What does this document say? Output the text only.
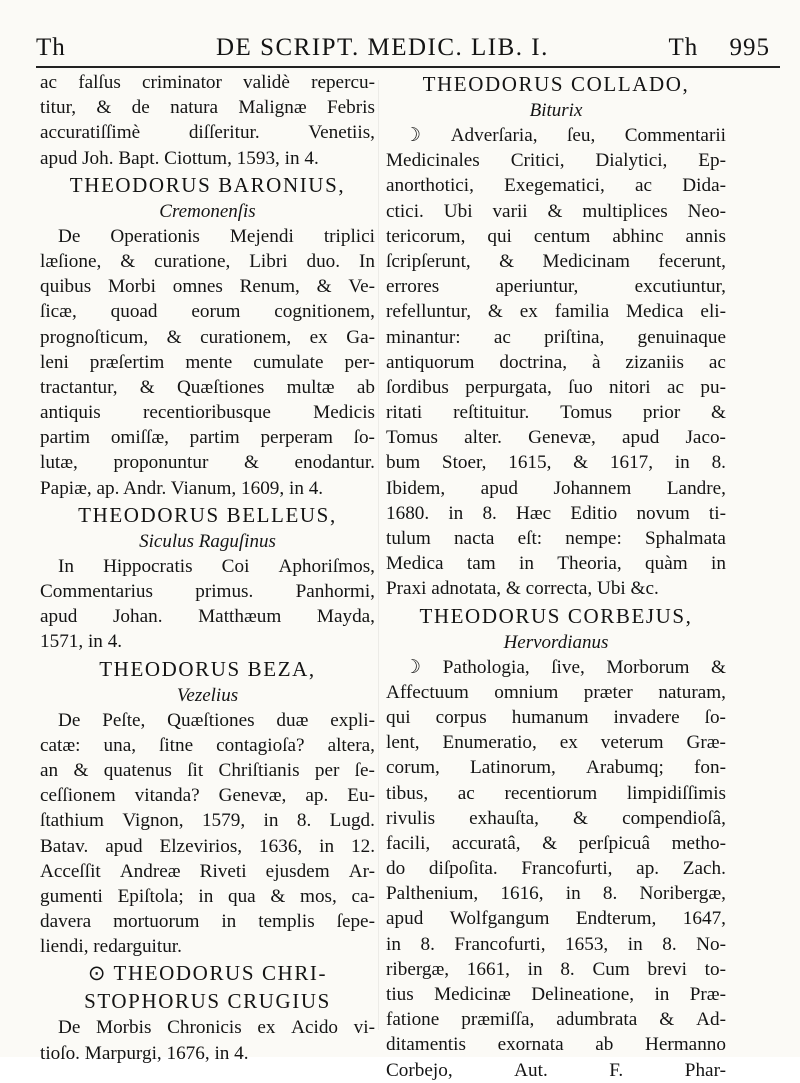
Th	DE SCRIPT. MEDIC. LIB. I.	Th 995
ac falſus criminator validè repercu-
titur, & de natura Malignæ Febris
accuratiſſimè	diſſeritur.	Venetiis,
apud Joh. Bapt. Ciottum, 1593, in 4.
THEODORUS BARONIUS,
Cremonenſis
De Operationis Mejendi triplici
læſione, & curatione, Libri duo. In
quibus Morbi omnes Renum, & Ve-
ſicæ, quoad eorum cognitionem,
prognoſticum, & curationem, ex Ga-
leni præſertim mente cumulate per-
tractantur, & Quæſtiones multæ ab
antiquis recentioribusque Medicis
partim omiſſæ, partim perperam ſo-
lutæ, proponuntur & enodantur.
Papiæ, ap. Andr. Vianum, 1609, in 4.
THEODORUS BELLEUS,
Siculus Raguſinus
In Hippocratis Coi Aphoriſmos,
Commentarius primus. Panhormi,
apud Johan. Matthæum Mayda,
1571, in 4.
THEODORUS BEZA,
Vezelius
De Peſte, Quæſtiones duæ expli-
catæ: una, ſitne contagioſa? altera,
an & quatenus ſit Chriſtianis per ſe-
ceſſionem vitanda? Genevæ, ap. Eu-
ſtathium Vignon, 1579, in 8. Lugd.
Batav. apud Elzevirios, 1636, in 12.
Acceſſit Andreæ Riveti ejusdem Ar-
gumenti Epiſtola; in qua & mos, ca-
davera mortuorum in templis ſepe-
liendi, redarguitur.
⊙ THEODORUS CHRI-
STOPHORUS CRUGIUS
De Morbis Chronicis ex Acido vi-
tioſo. Marpurgi, 1676, in 4.
THEODORUS COLLADO,
Biturix
☽ Adverſaria, ſeu, Commentarii
Medicinales Critici, Dialytici, Ep-
anorthotici, Exegematici, ac Dida-
ctici. Ubi varii & multiplices Neo-
tericorum, qui centum abhinc annis
ſcripſerunt, & Medicinam fecerunt,
errores	aperiuntur,	excutiuntur,
refelluntur, & ex familia Medica eli-
minantur: ac priſtina, genuinaque
antiquorum doctrina, à zizaniis ac
ſordibus perpurgata, ſuo nitori ac pu-
ritati reſtituitur. Tomus prior &
Tomus alter. Genevæ, apud Jaco-
bum Stoer, 1615, & 1617, in 8.
Ibidem, apud Johannem Landre,
1680. in 8. Hæc Editio novum ti-
tulum nacta eſt: nempe: Sphalmata
Medica tam in Theoria, quàm in
Praxi adnotata, & correcta, Ubi &c.
THEODORUS CORBEJUS,
Hervordianus
☽ Pathologia, ſive, Morborum &
Affectuum omnium præter naturam,
qui corpus humanum invadere ſo-
lent, Enumeratio, ex veterum Græ-
corum, Latinorum, Arabumq; fon-
tibus, ac recentiorum limpidiſſimis
rivulis exhauſta, & compendioſâ,
facili, accuratâ, & perſpicuâ metho-
do diſpoſita. Francofurti, ap. Zach.
Palthenium, 1616, in 8. Noribergæ,
apud Wolfgangum Endterum, 1647,
in 8. Francofurti, 1653, in 8. No-
ribergæ, 1661, in 8. Cum brevi to-
tius Medicinæ Delineatione, in Præ-
fatione præmiſſa, adumbrata & Ad-
ditamentis exornata ab Hermanno
Corbejo,	Aut.	F.	Phar-
